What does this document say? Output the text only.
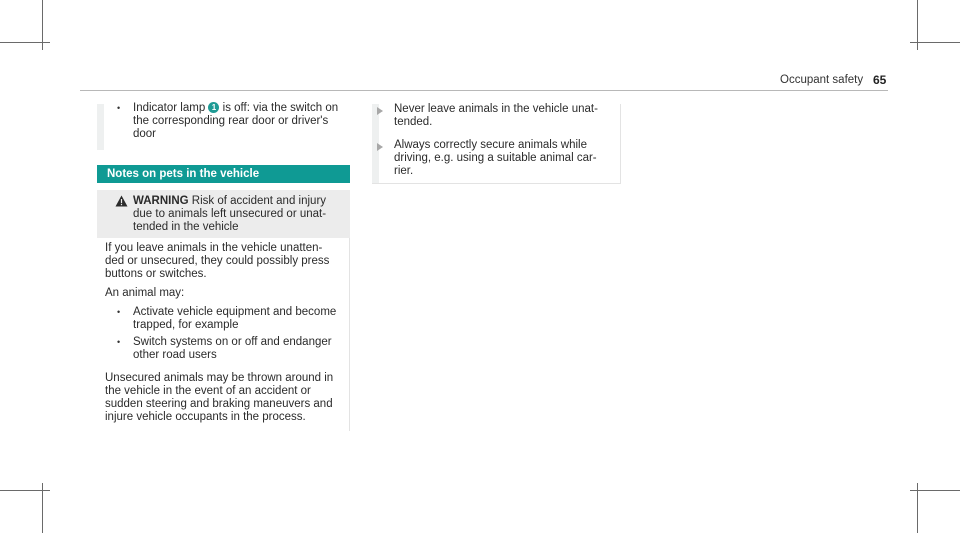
Occupant safety 65
• Indicator lamp 1 is off: via the switch on
the corresponding rear door or driver's
door
Notes on pets in the vehicle
WARNING Risk of accident and injury
due to animals left unsecured or unat-
tended in the vehicle
If you leave animals in the vehicle unatten-
ded or unsecured, they could possibly press
buttons or switches.
An animal may:
• Activate vehicle equipment and become
trapped, for example
• Switch systems on or off and endanger
other road users
Unsecured animals may be thrown around in
the vehicle in the event of an accident or
sudden steering and braking maneuvers and
injure vehicle occupants in the process.
Never leave animals in the vehicle unat-
tended.
Always correctly secure animals while
driving, e.g. using a suitable animal car-
rier.
